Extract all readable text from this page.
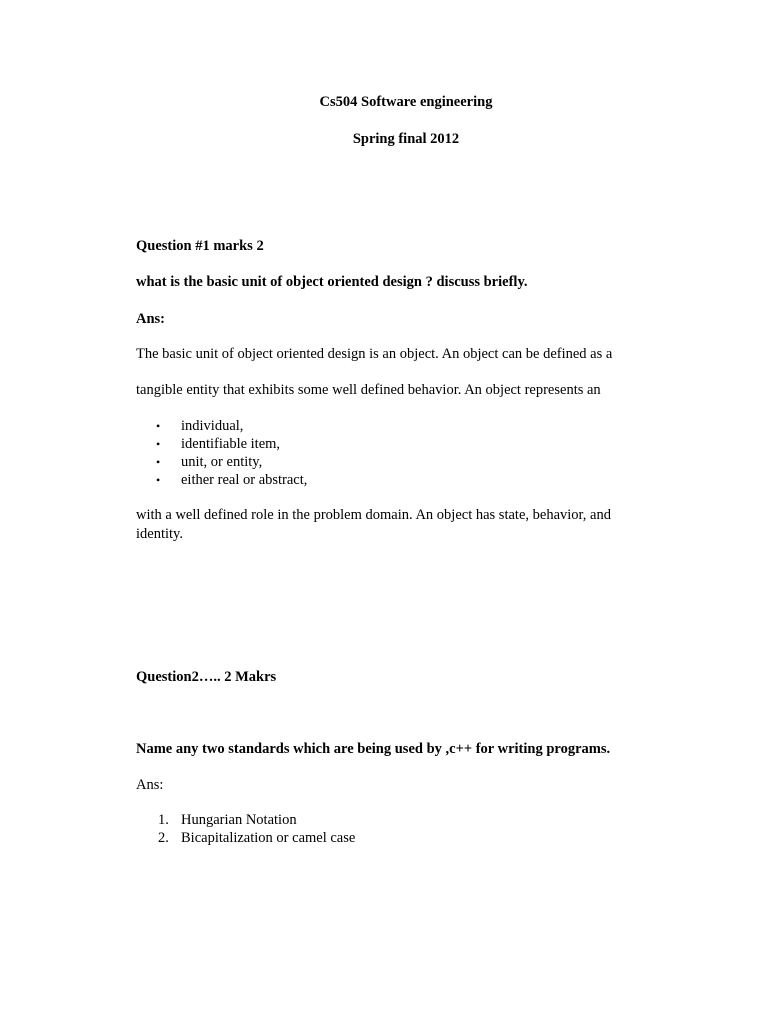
Cs504 Software engineering

Spring final 2012

Question #1 marks 2

what is the basic unit of object oriented design ? discuss briefly.

Ans:

The basic unit of object oriented design is an object. An object can be defined as a

tangible entity that exhibits some well defined behavior. An object represents an

• individual,
• identifiable item,
• unit, or entity,
• either real or abstract,

with a well defined role in the problem domain. An object has state, behavior, and identity.

Question2….. 2 Makrs

Name any two standards which are being used by ,c++ for writing programs.

Ans:

1. Hungarian Notation
2. Bicapitalization or camel case
